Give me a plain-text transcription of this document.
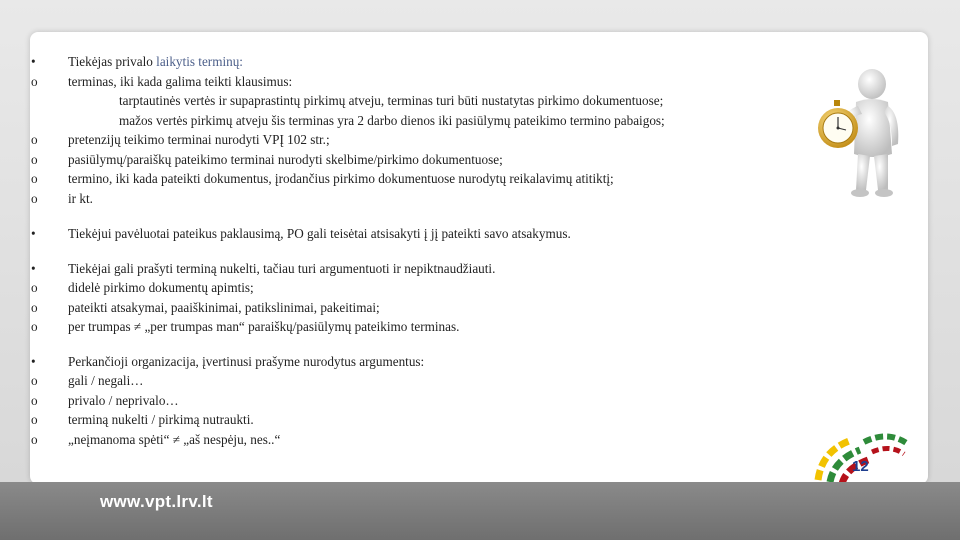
•	Tiekėjas privalo laikytis terminų:
o terminas, iki kada galima teikti klausimus:
tarptautinės vertės ir supaprastintų pirkimų atveju, terminas turi būti nustatytas pirkimo dokumentuose;
mažos vertės pirkimų atveju šis terminas yra 2 darbo dienos iki pasiūlymų pateikimo termino pabaigos;
o pretenzijų teikimo terminai nurodyti VPĮ 102 str.;
o pasiūlymų/paraiškų pateikimo terminai nurodyti skelbime/pirkimo dokumentuose;
o termino, iki kada pateikti dokumentus, įrodančius pirkimo dokumentuose nurodytų reikalavimų atitiktį;
o ir kt.
•	Tiekėjui pavėluotai pateikus paklausimą, PO gali teisėtai atsisakyti į jį pateikti savo atsakymus.
•	Tiekėjai gali prašyti terminą nukelti, tačiau turi argumentuoti ir nepiktnaudžiauti.
o didelė pirkimo dokumentų apimtis;
o pateikti atsakymai, paaiškinimai, patikslinimai, pakeitimai;
o per trumpas ≠ „per trumpas man“ paraiškų/pasiūlymų pateikimo terminas.
•	Perkančioji organizacija, įvertinusi prašyme nurodytus argumentus:
o gali / negali…
o privalo / neprivalo…
o terminą nukelti / pirkimą nutraukti.
o „neįmanoma spėti“ ≠ „aš nespėju, nes..“
12
www.vpt.lrv.lt
